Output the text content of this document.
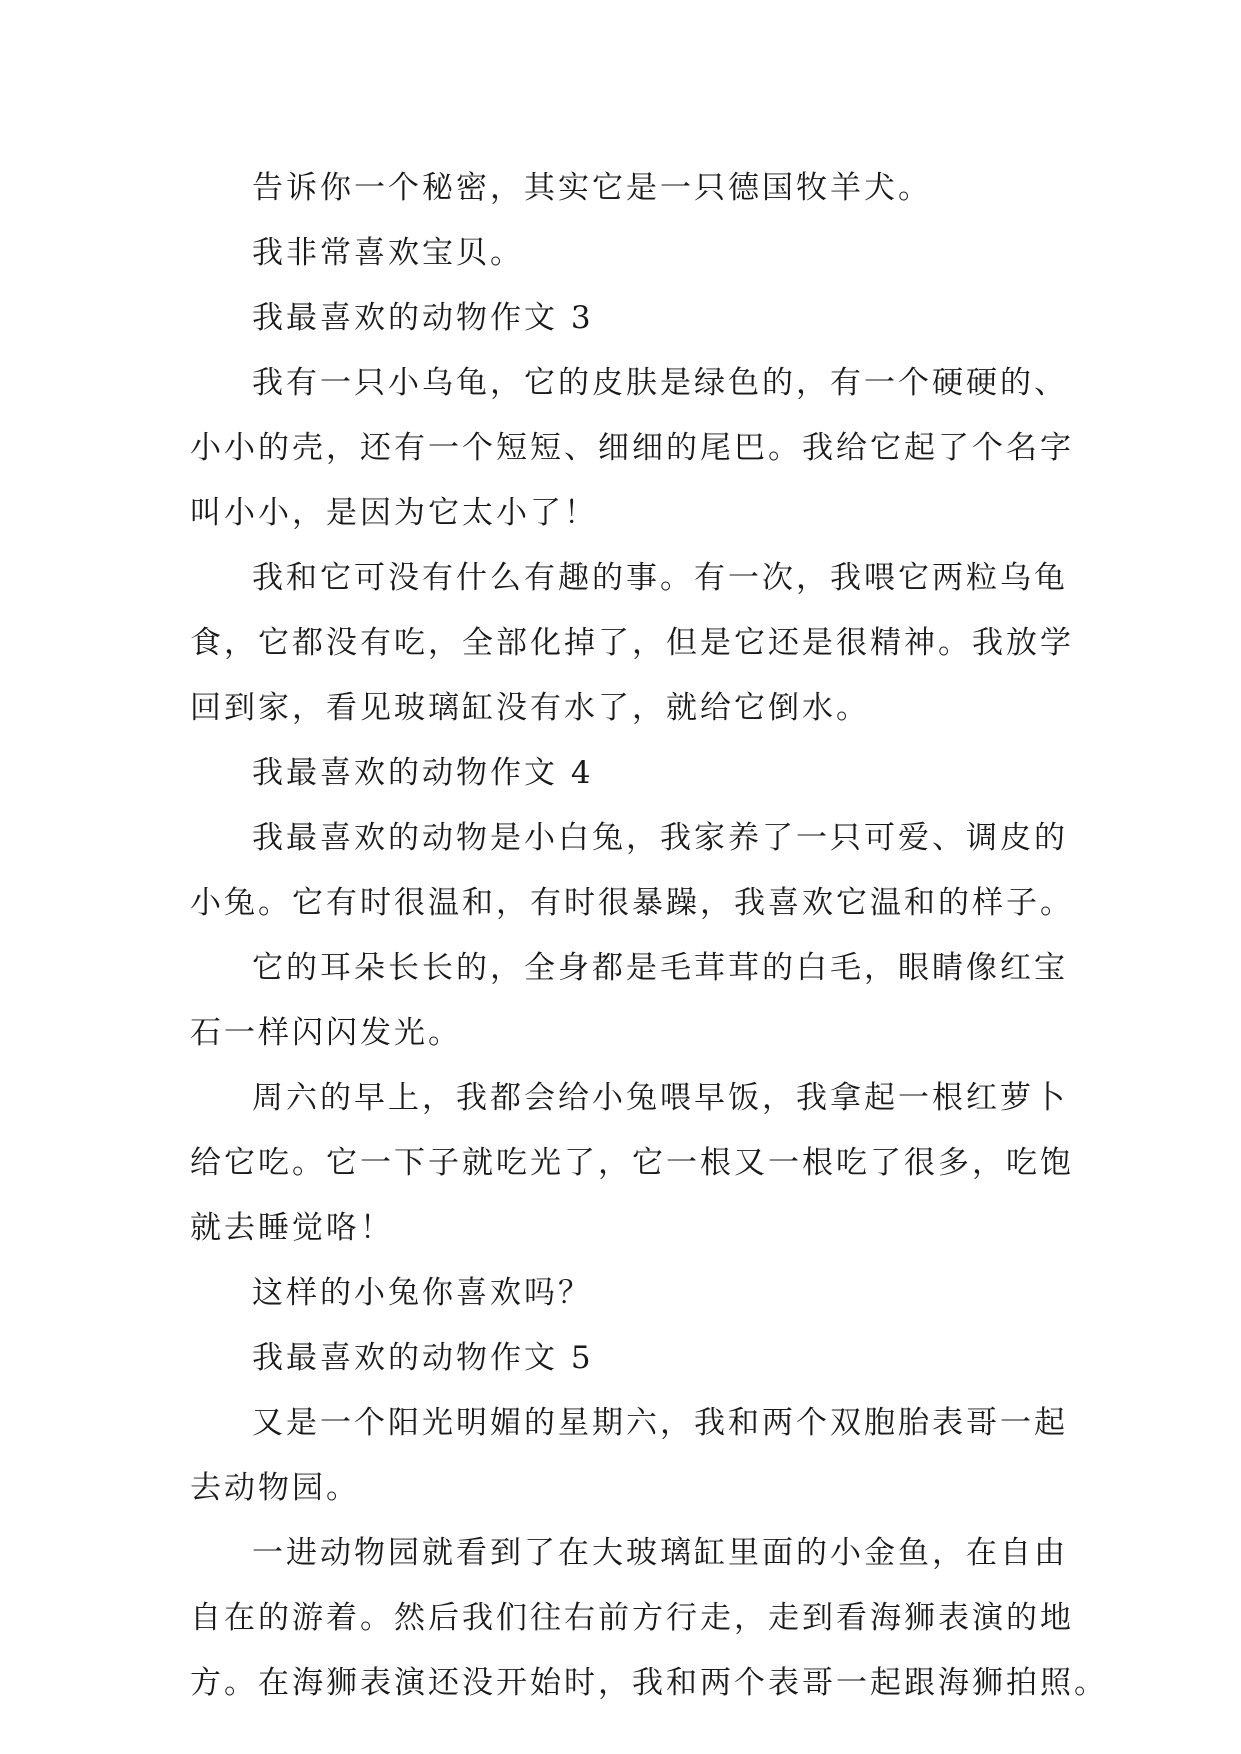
告诉你一个秘密，其实它是一只德国牧羊犬。
我非常喜欢宝贝。
我最喜欢的动物作文 3
我有一只小乌龟，它的皮肤是绿色的，有一个硬硬的、
小小的壳，还有一个短短、细细的尾巴。我给它起了个名字
叫小小，是因为它太小了！
我和它可没有什么有趣的事。有一次，我喂它两粒乌龟
食，它都没有吃，全部化掉了，但是它还是很精神。我放学
回到家，看见玻璃缸没有水了，就给它倒水。
我最喜欢的动物作文 4
我最喜欢的动物是小白兔，我家养了一只可爱、调皮的
小兔。它有时很温和，有时很暴躁，我喜欢它温和的样子。
它的耳朵长长的，全身都是毛茸茸的白毛，眼睛像红宝
石一样闪闪发光。
周六的早上，我都会给小兔喂早饭，我拿起一根红萝卜
给它吃。它一下子就吃光了，它一根又一根吃了很多，吃饱
就去睡觉咯！
这样的小兔你喜欢吗？
我最喜欢的动物作文 5
又是一个阳光明媚的星期六，我和两个双胞胎表哥一起
去动物园。
一进动物园就看到了在大玻璃缸里面的小金鱼，在自由
自在的游着。然后我们往右前方行走，走到看海狮表演的地
方。在海狮表演还没开始时，我和两个表哥一起跟海狮拍照。
